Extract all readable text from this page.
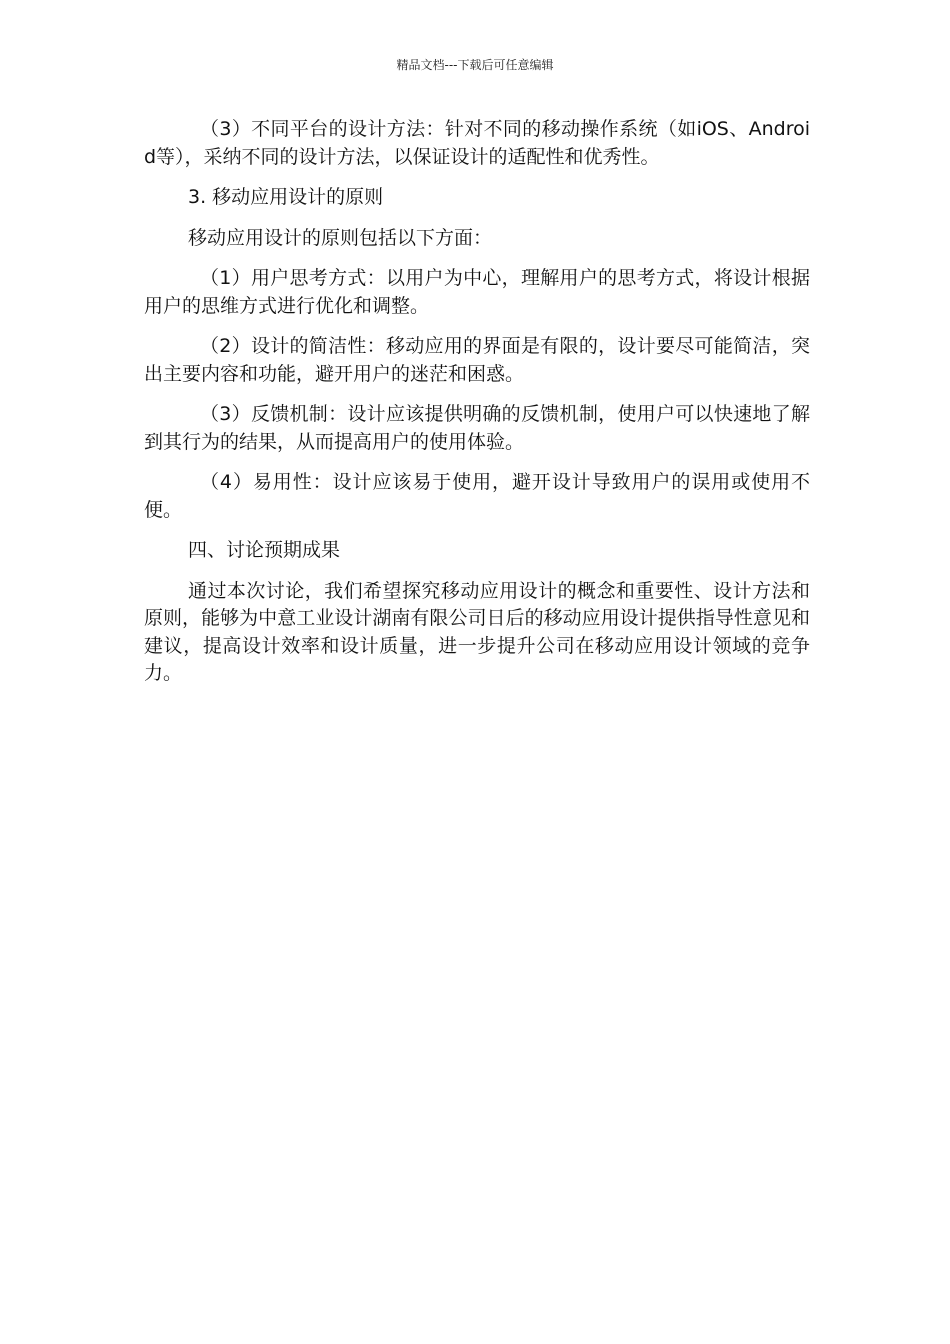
精品文档---下载后可任意编辑

（3）不同平台的设计方法：针对不同的移动操作系统（如iOS、Android等），采纳不同的设计方法，以保证设计的适配性和优秀性。

3. 移动应用设计的原则

移动应用设计的原则包括以下方面：

（1）用户思考方式：以用户为中心，理解用户的思考方式，将设计根据用户的思维方式进行优化和调整。

（2）设计的简洁性：移动应用的界面是有限的，设计要尽可能简洁，突出主要内容和功能，避开用户的迷茫和困惑。

（3）反馈机制：设计应该提供明确的反馈机制，使用户可以快速地了解到其行为的结果，从而提高用户的使用体验。

（4）易用性：设计应该易于使用，避开设计导致用户的误用或使用不便。

四、讨论预期成果

通过本次讨论，我们希望探究移动应用设计的概念和重要性、设计方法和原则，能够为中意工业设计湖南有限公司日后的移动应用设计提供指导性意见和建议，提高设计效率和设计质量，进一步提升公司在移动应用设计领域的竞争力。
